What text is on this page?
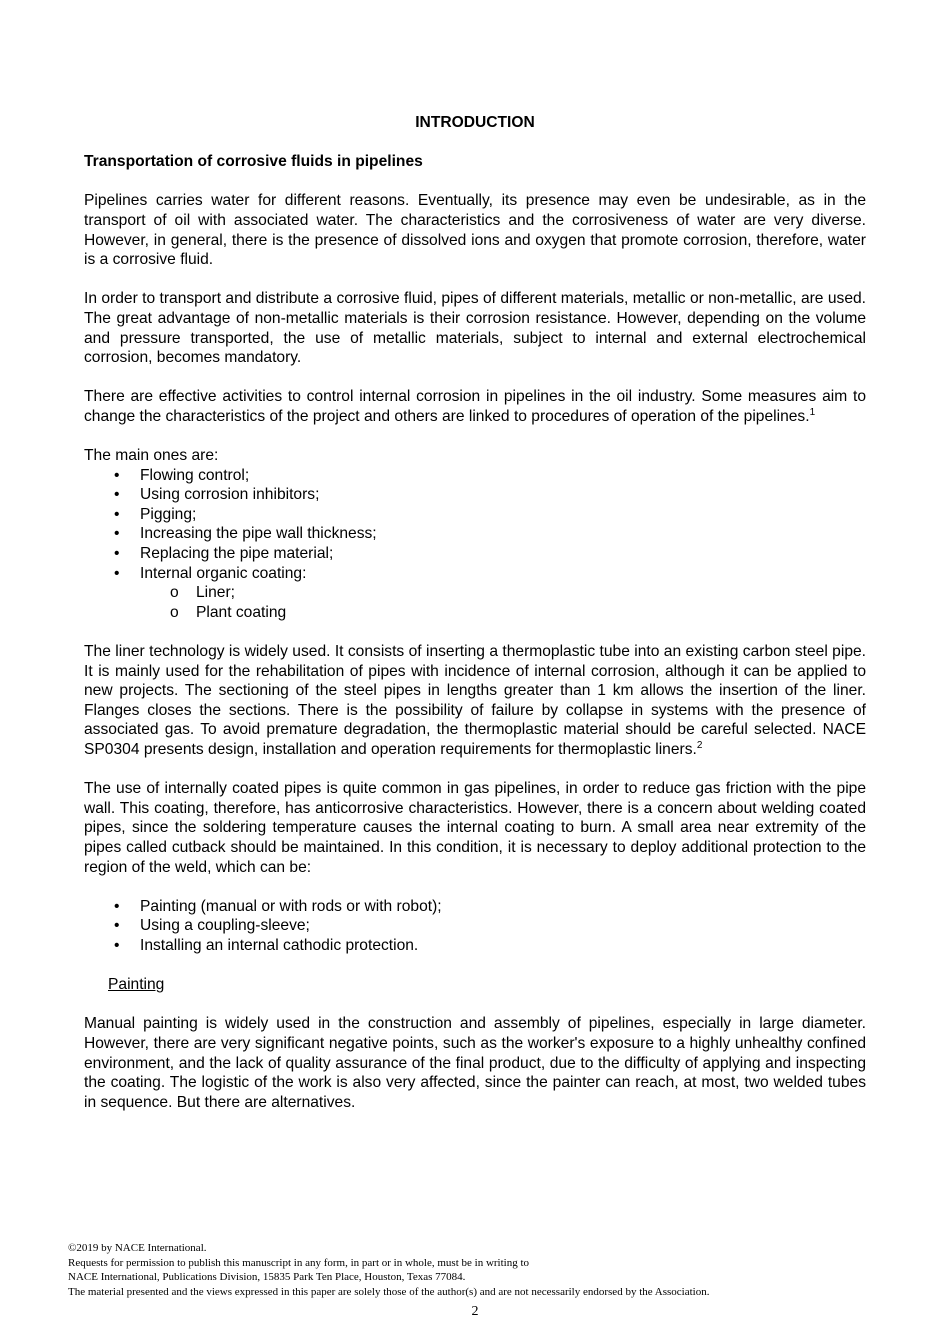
INTRODUCTION
Transportation of corrosive fluids in pipelines

Pipelines carries water for different reasons. Eventually, its presence may even be undesirable, as in the transport of oil with associated water. The characteristics and the corrosiveness of water are very diverse. However, in general, there is the presence of dissolved ions and oxygen that promote corrosion, therefore, water is a corrosive fluid.

In order to transport and distribute a corrosive fluid, pipes of different materials, metallic or non-metallic, are used. The great advantage of non-metallic materials is their corrosion resistance. However, depending on the volume and pressure transported, the use of metallic materials, subject to internal and external electrochemical corrosion, becomes mandatory.

There are effective activities to control internal corrosion in pipelines in the oil industry. Some measures aim to change the characteristics of the project and others are linked to procedures of operation of the pipelines.$^1$

The main ones are:
• Flowing control;
• Using corrosion inhibitors;
• Pigging;
• Increasing the pipe wall thickness;
• Replacing the pipe material;
• Internal organic coating:
o Liner;
o Plant coating

The liner technology is widely used. It consists of inserting a thermoplastic tube into an existing carbon steel pipe. It is mainly used for the rehabilitation of pipes with incidence of internal corrosion, although it can be applied to new projects. The sectioning of the steel pipes in lengths greater than 1 km allows the insertion of the liner. Flanges closes the sections. There is the possibility of failure by collapse in systems with the presence of associated gas. To avoid premature degradation, the thermoplastic material should be careful selected. NACE SP0304 presents design, installation and operation requirements for thermoplastic liners.$^2$

The use of internally coated pipes is quite common in gas pipelines, in order to reduce gas friction with the pipe wall. This coating, therefore, has anticorrosive characteristics. However, there is a concern about welding coated pipes, since the soldering temperature causes the internal coating to burn. A small area near extremity of the pipes called cutback should be maintained. In this condition, it is necessary to deploy additional protection to the region of the weld, which can be:

• Painting (manual or with rods or with robot);
• Using a coupling-sleeve;
• Installing an internal cathodic protection.
Painting

Manual painting is widely used in the construction and assembly of pipelines, especially in large diameter. However, there are very significant negative points, such as the worker's exposure to a highly unhealthy confined environment, and the lack of quality assurance of the final product, due to the difficulty of applying and inspecting the coating. The logistic of the work is also very affected, since the painter can reach, at most, two welded tubes in sequence. But there are alternatives.

©2019 by NACE International.
Requests for permission to publish this manuscript in any form, in part or in whole, must be in writing to
NACE International, Publications Division, 15835 Park Ten Place, Houston, Texas 77084.
The material presented and the views expressed in this paper are solely those of the author(s) and are not necessarily endorsed by the Association.
2
